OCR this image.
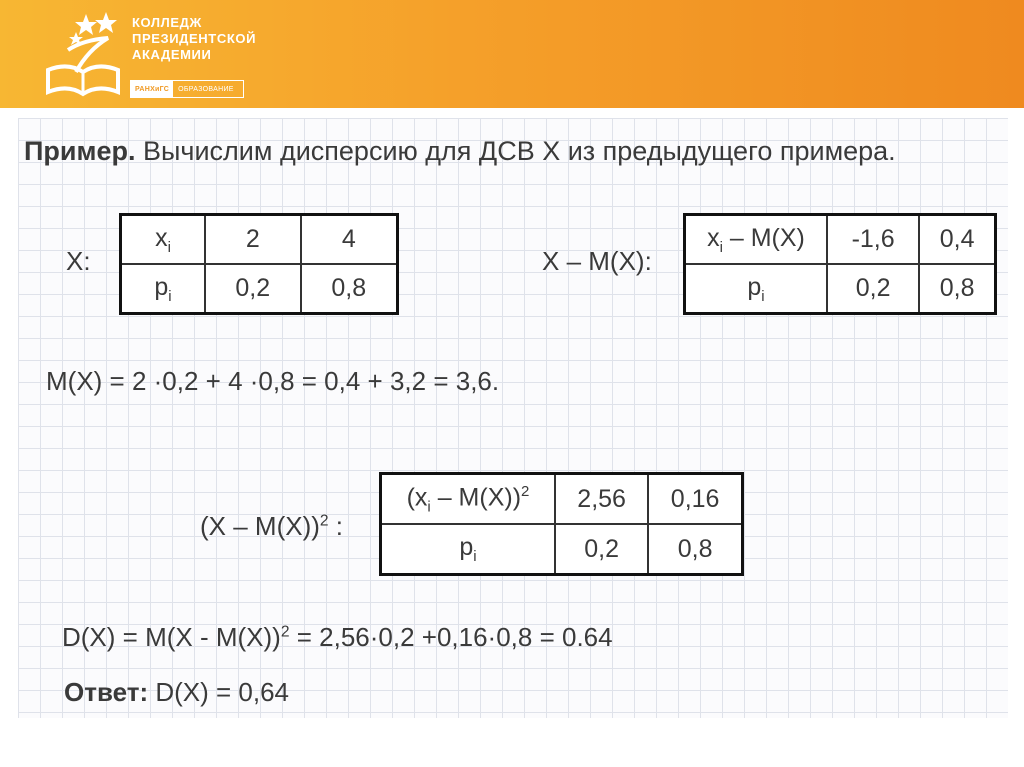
КОЛЛЕДЖ
ПРЕЗИДЕНТСКОЙ
АКАДЕМИИ
РАНХиГС	ОБРАЗОВАНИЕ
Пример. Вычислим дисперсию для ДСВ X из предыдущего примера.
X:
$x_i$	2	4
$p_i$	0,2	0,8
X – M(X):
$x_i - M(X)$	-1,6	0,4
$p_i$	0,2	0,8
M(X) = 2 ·0,2 + 4 ·0,8 = 0,4 + 3,2 = 3,6.
(X – M(X))$^2$ :
$(x_i - M(X))^2$	2,56	0,16
$p_i$	0,2	0,8
D(X) = M(X - M(X))$^2$ = 2,56·0,2 +0,16·0,8 = 0.64
Ответ: D(X) = 0,64
